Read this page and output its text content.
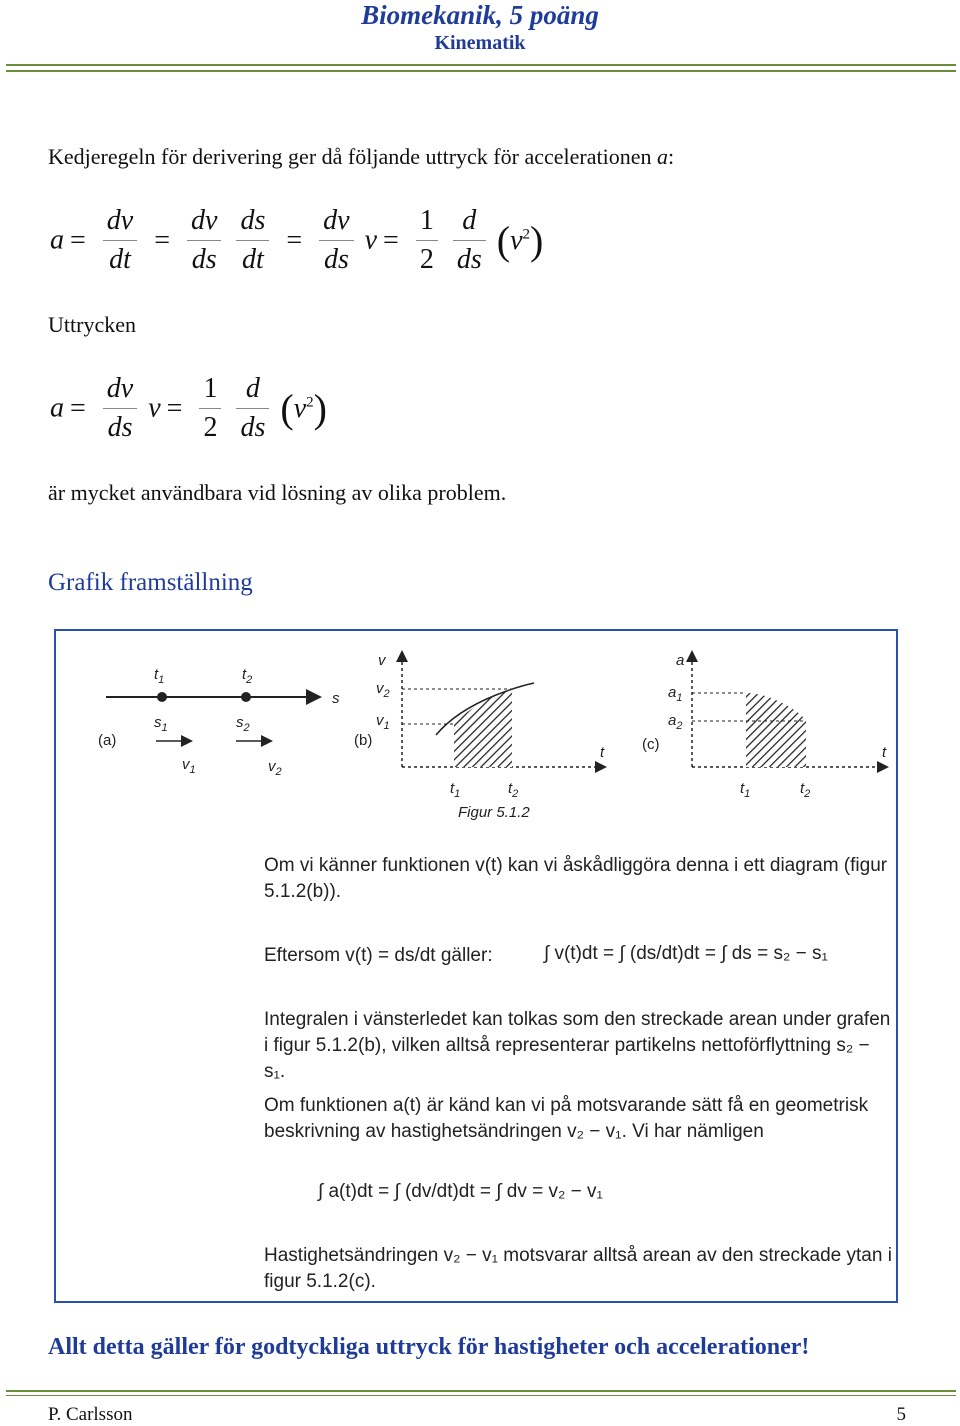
Biomekanik, 5 poäng
Kinematik
Kedjeregeln för derivering ger då följande uttryck för accelerationen a:
$a = \frac{dv}{dt} = \frac{dv}{ds}$
$\frac{ds}{dt} = \frac{dv}{ds}$ $v = \frac{1}{2}$
$\frac{d}{ds} (v^2)$
Uttrycken
$a = \frac{dv}{ds}$ $v = \frac{1}{2}$
$\frac{d}{ds} (v^2)$
är mycket användbara vid lösning av olika problem.
Grafik framställning
$t_1$	$t_2$
s
$s_1$	$s_2$
(a)
$v_1$	$v_2$
v
$v_2$
$v_1$
(b)
t
$t_1$	$t_2$
Figur 5.1.2
a
$a_1$
$a_2$
(c)	t
$t_1$	$t_2$
Om vi känner funktionen v(t) kan vi åskådliggöra denna i ett diagram (figur 5.1.2(b)).
Eftersom v(t) = ds/dt gäller:	∫ v(t)dt = ∫ (ds/dt)dt = ∫ ds = s₂ − s₁
Integralen i vänsterledet kan tolkas som den streckade arean under grafen i figur 5.1.2(b), vilken alltså representerar partikelns nettoförflyttning s₂ − s₁.
Om funktionen a(t) är känd kan vi på motsvarande sätt få en geometrisk beskrivning av hastighetsändringen v₂ − v₁. Vi har nämligen
∫ a(t)dt = ∫ (dv/dt)dt = ∫ dv = v₂ − v₁
Hastighetsändringen v₂ − v₁ motsvarar alltså arean av den streckade ytan i figur 5.1.2(c).
Allt detta gäller för godtyckliga uttryck för hastigheter och accelerationer!
P. Carlsson	5
